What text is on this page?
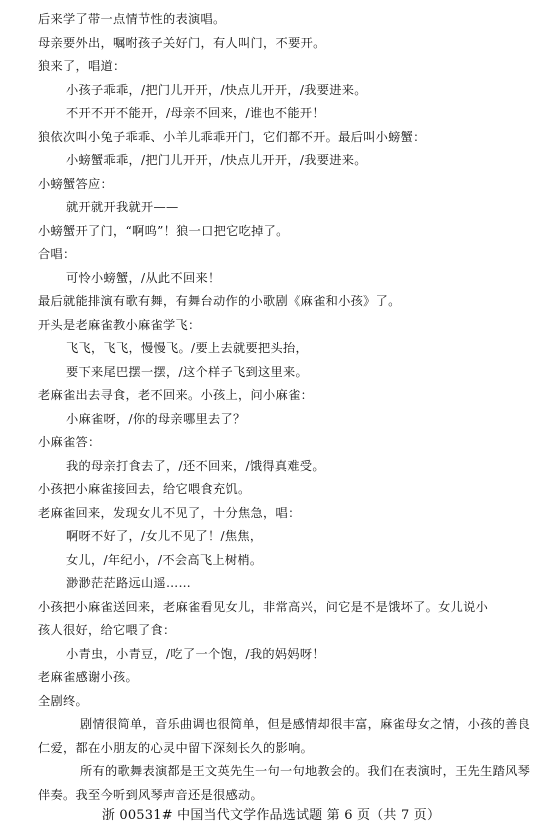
后来学了带一点情节性的表演唱。
母亲要外出，嘱咐孩子关好门，有人叫门，不要开。
狼来了，唱道：
小孩子乖乖，/把门儿开开，/快点儿开开，/我要进来。
不开不开不能开，/母亲不回来，/谁也不能开！
狼依次叫小兔子乖乖、小羊儿乖乖开门，它们都不开。最后叫小螃蟹：
小螃蟹乖乖，/把门儿开开，/快点儿开开，/我要进来。
小螃蟹答应：
就开就开我就开——
小螃蟹开了门，“啊呜”！狼一口把它吃掉了。
合唱：
可怜小螃蟹，/从此不回来！
最后就能排演有歌有舞，有舞台动作的小歌剧《麻雀和小孩》了。
开头是老麻雀教小麻雀学飞：
飞飞，飞飞，慢慢飞。/要上去就要把头抬，
要下来尾巴摆一摆，/这个样子飞到这里来。
老麻雀出去寻食，老不回来。小孩上，问小麻雀：
小麻雀呀，/你的母亲哪里去了？
小麻雀答：
我的母亲打食去了，/还不回来，/饿得真难受。
小孩把小麻雀接回去，给它喂食充饥。
老麻雀回来，发现女儿不见了，十分焦急，唱：
啊呀不好了，/女儿不见了！/焦焦，
女儿，/年纪小，/不会高飞上树梢。
渺渺茫茫路远山遥……
小孩把小麻雀送回来，老麻雀看见女儿，非常高兴，问它是不是饿坏了。女儿说小
孩人很好，给它喂了食：
小青虫，小青豆，/吃了一个饱，/我的妈妈呀！
老麻雀感谢小孩。
全剧终。
剧情很简单，音乐曲调也很简单，但是感情却很丰富，麻雀母女之情，小孩的善良
仁爱，都在小朋友的心灵中留下深刻长久的影响。
所有的歌舞表演都是王文英先生一句一句地教会的。我们在表演时，王先生踏风琴
伴奏。我至今听到风琴声音还是很感动。
浙 00531# 中国当代文学作品选试题 第 6 页（共 7 页）
